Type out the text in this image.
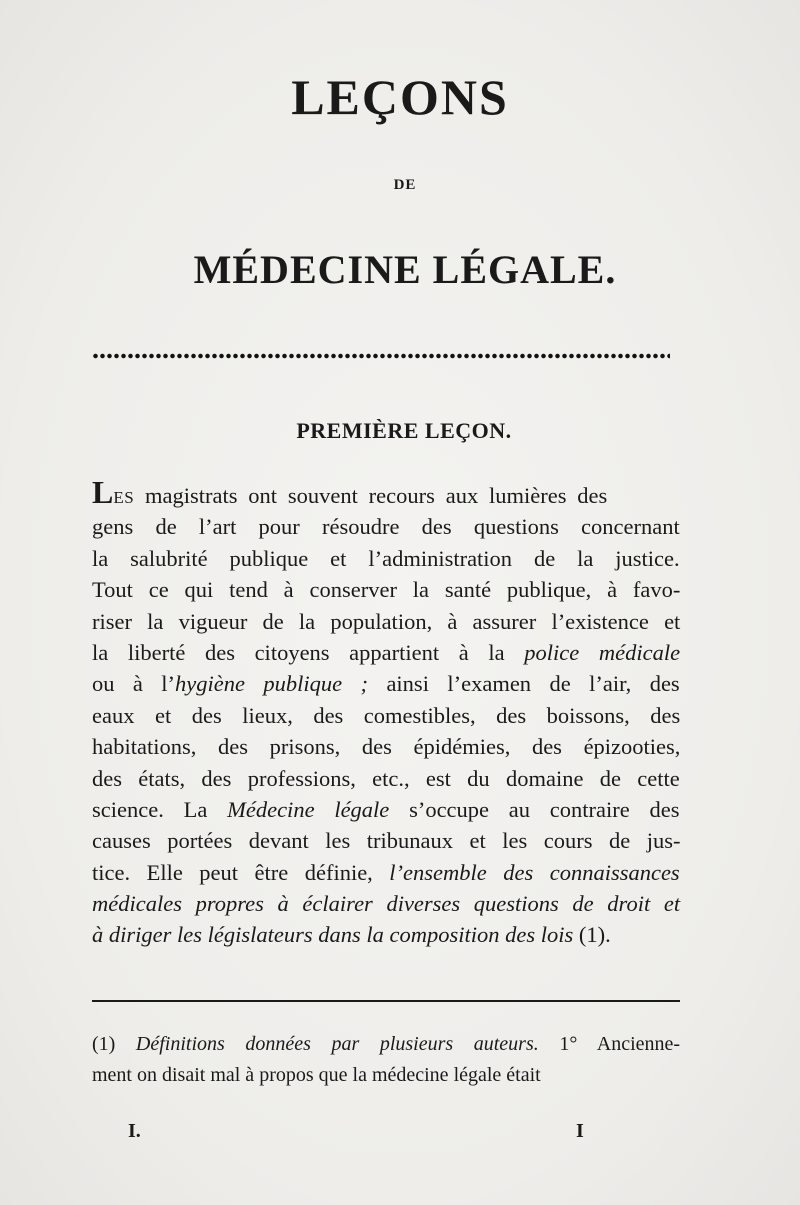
LEÇONS
DE
MÉDECINE LÉGALE.
PREMIÈRE LEÇON.
LES magistrats ont souvent recours aux lumières des
gens de l’art pour résoudre des questions concernant
la salubrité publique et l’administration de la justice.
Tout ce qui tend à conserver la santé publique, à favo-
riser la vigueur de la population, à assurer l’existence et
la liberté des citoyens appartient à la police médicale
ou à l’hygiène publique ; ainsi l’examen de l’air, des
eaux et des lieux, des comestibles, des boissons, des
habitations, des prisons, des épidémies, des épizooties,
des états, des professions, etc., est du domaine de cette
science. La Médecine légale s’occupe au contraire des
causes portées devant les tribunaux et les cours de jus-
tice. Elle peut être définie, l’ensemble des connaissances
médicales propres à éclairer diverses questions de droit et
à diriger les législateurs dans la composition des lois (1).
(1) Définitions données par plusieurs auteurs. 1° Ancienne-
ment on disait mal à propos que la médecine légale était
I.	I
